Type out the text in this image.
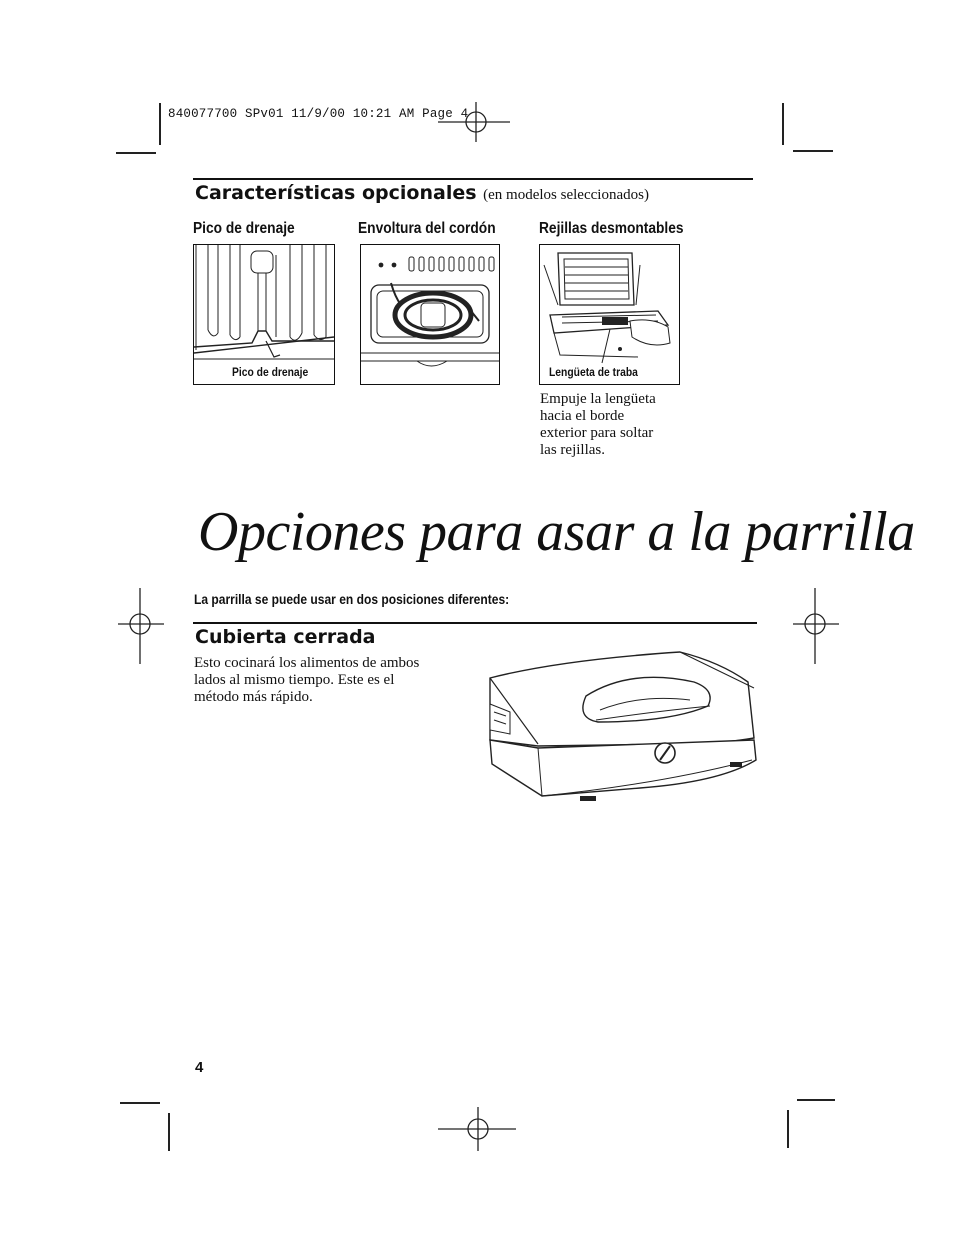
840077700 SPv01 11/9/00 10:21 AM Page 4
Características opcionales (en modelos seleccionados)
Pico de drenaje	Envoltura del cordón	Rejillas desmontables
Pico de drenaje	Lengüeta de traba
Empuje la lengüeta
hacia el borde
exterior para soltar
las rejillas.
Opciones para asar a la parrilla
La parrilla se puede usar en dos posiciones diferentes:
Cubierta cerrada
Esto cocinará los alimentos de ambos
lados al mismo tiempo. Este es el
método más rápido.
4
